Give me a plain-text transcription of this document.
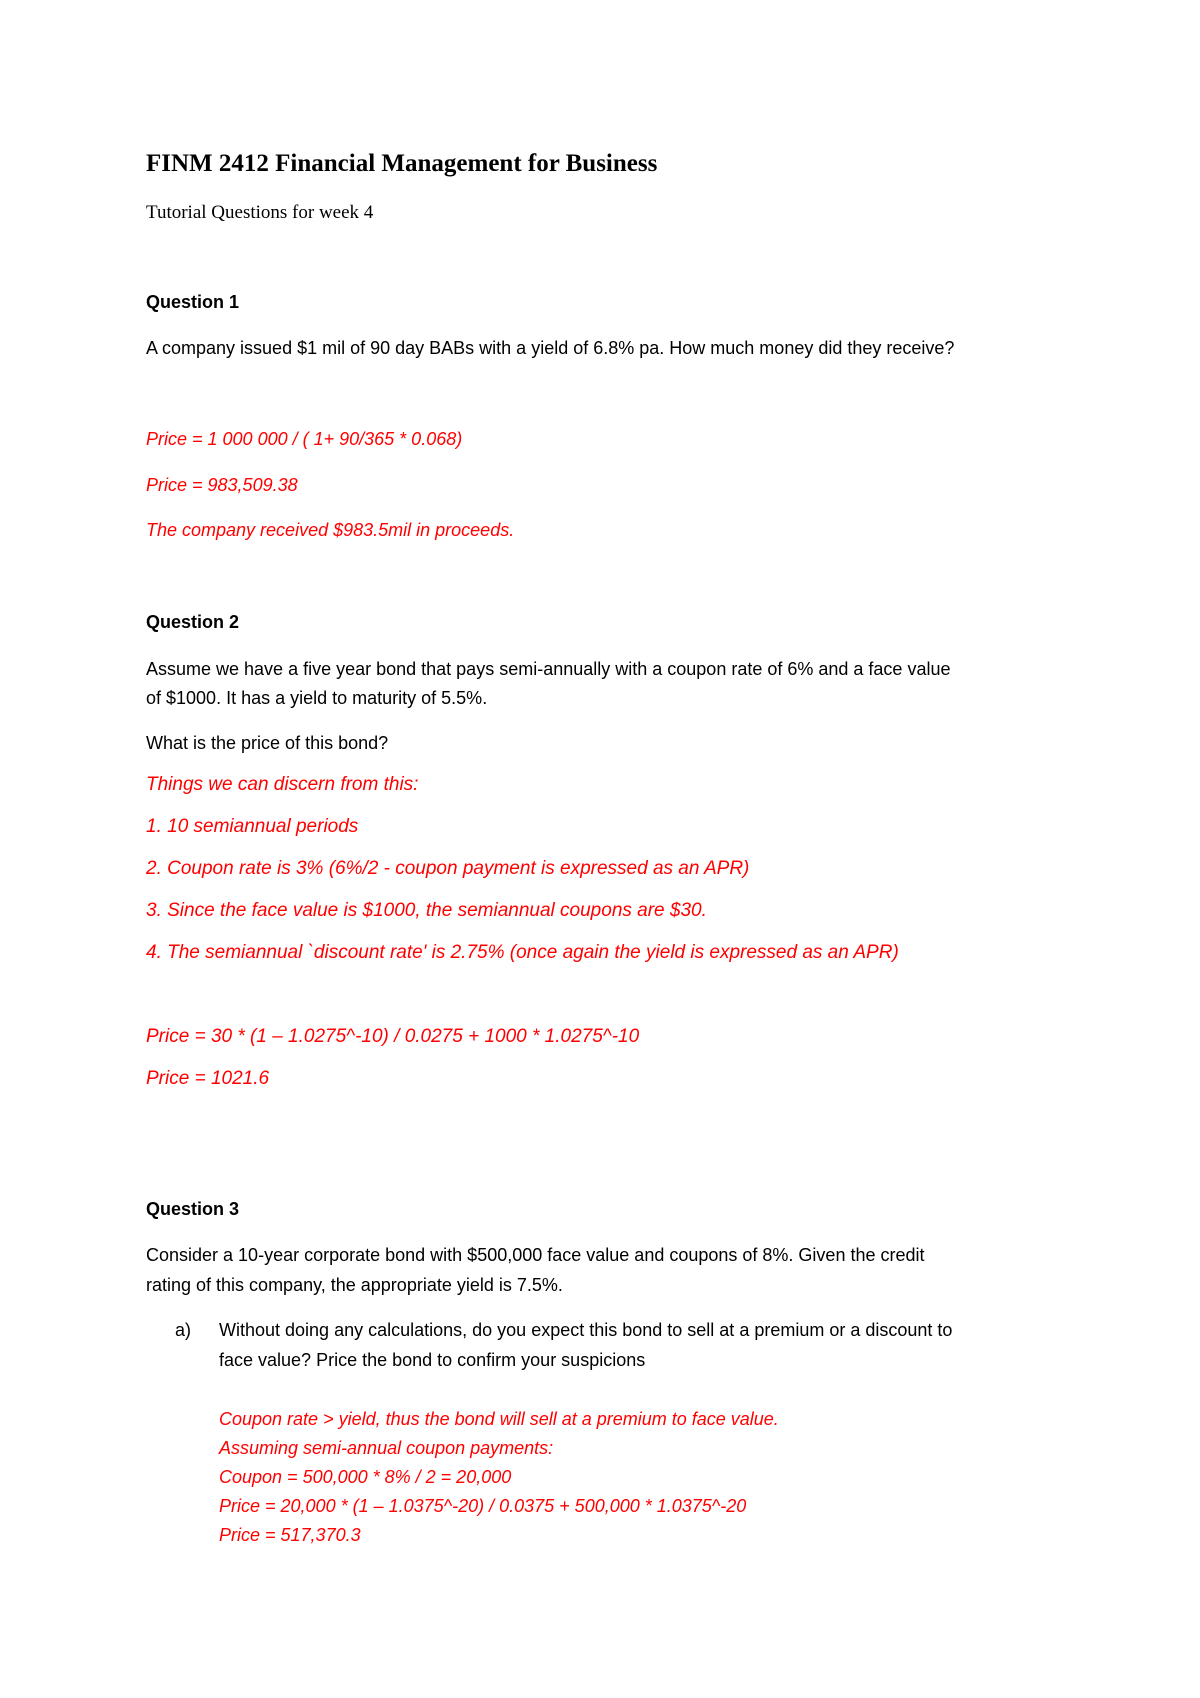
FINM 2412 Financial Management for Business
Tutorial Questions for week 4
Question 1
A company issued $1 mil of 90 day BABs with a yield of 6.8% pa. How much money did they receive?
Price = 1 000 000 / ( 1+ 90/365 * 0.068)
Price = 983,509.38
The company received $983.5mil in proceeds.
Question 2
Assume we have a five year bond that pays semi-annually with a coupon rate of 6% and a face value
of $1000. It has a yield to maturity of 5.5%.
What is the price of this bond?
Things we can discern from this:
1. 10 semiannual periods
2. Coupon rate is 3% (6%/2 - coupon payment is expressed as an APR)
3. Since the face value is $1000, the semiannual coupons are $30.
4. The semiannual `discount rate' is 2.75% (once again the yield is expressed as an APR)
Price = 30 * (1 – 1.0275^-10) / 0.0275 + 1000 * 1.0275^-10
Price = 1021.6
Question 3
Consider a 10-year corporate bond with $500,000 face value and coupons of 8%. Given the credit
rating of this company, the appropriate yield is 7.5%.
a)	Without doing any calculations, do you expect this bond to sell at a premium or a discount to
face value? Price the bond to confirm your suspicions
Coupon rate > yield, thus the bond will sell at a premium to face value.
Assuming semi-annual coupon payments:
Coupon = 500,000 * 8% / 2 = 20,000
Price = 20,000 * (1 – 1.0375^-20) / 0.0375 + 500,000 * 1.0375^-20
Price = 517,370.3
